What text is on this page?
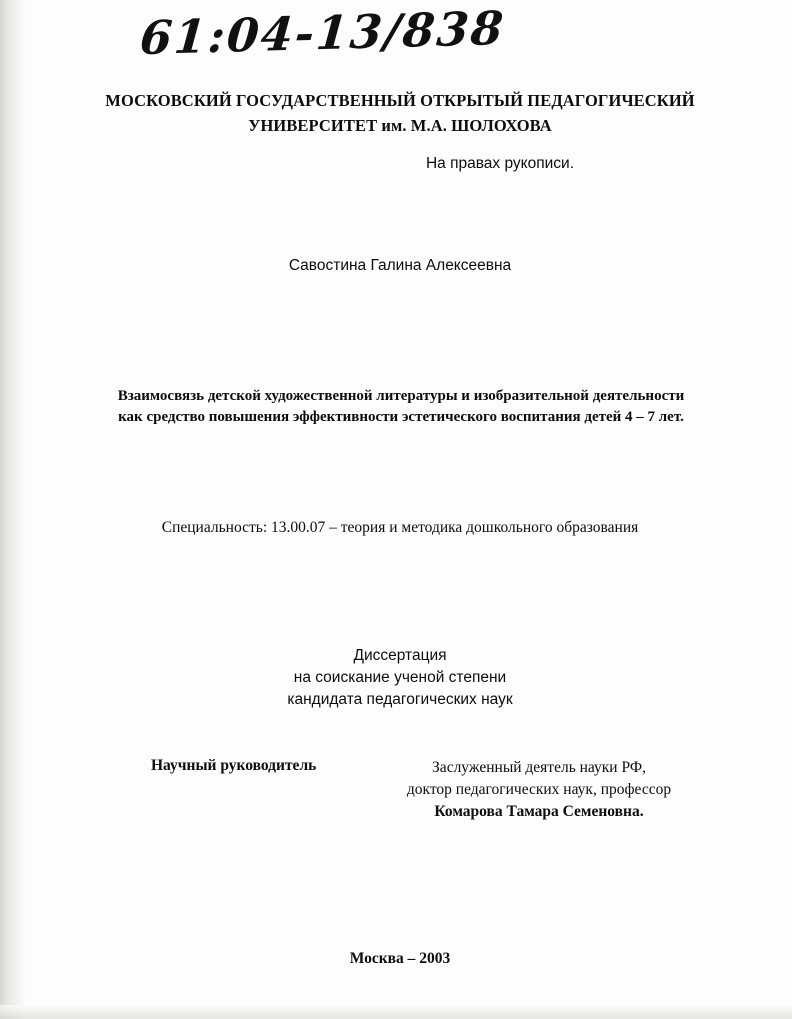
61:04-13/838
МОСКОВСКИЙ ГОСУДАРСТВЕННЫЙ ОТКРЫТЫЙ ПЕДАГОГИЧЕСКИЙ
УНИВЕРСИТЕТ им. М.А. ШОЛОХОВА
На правах рукописи.
Савостина Галина Алексеевна
Взаимосвязь детской художественной литературы и изобразительной деятельности как средство повышения эффективности эстетического воспитания детей 4 – 7 лет.
Специальность: 13.00.07 – теория и методика дошкольного образования
Диссертация
на соискание ученой степени
кандидата педагогических наук
Научный руководитель	Заслуженный деятель науки РФ,
доктор педагогических наук, профессор
Комарова Тамара Семеновна.
Москва – 2003
